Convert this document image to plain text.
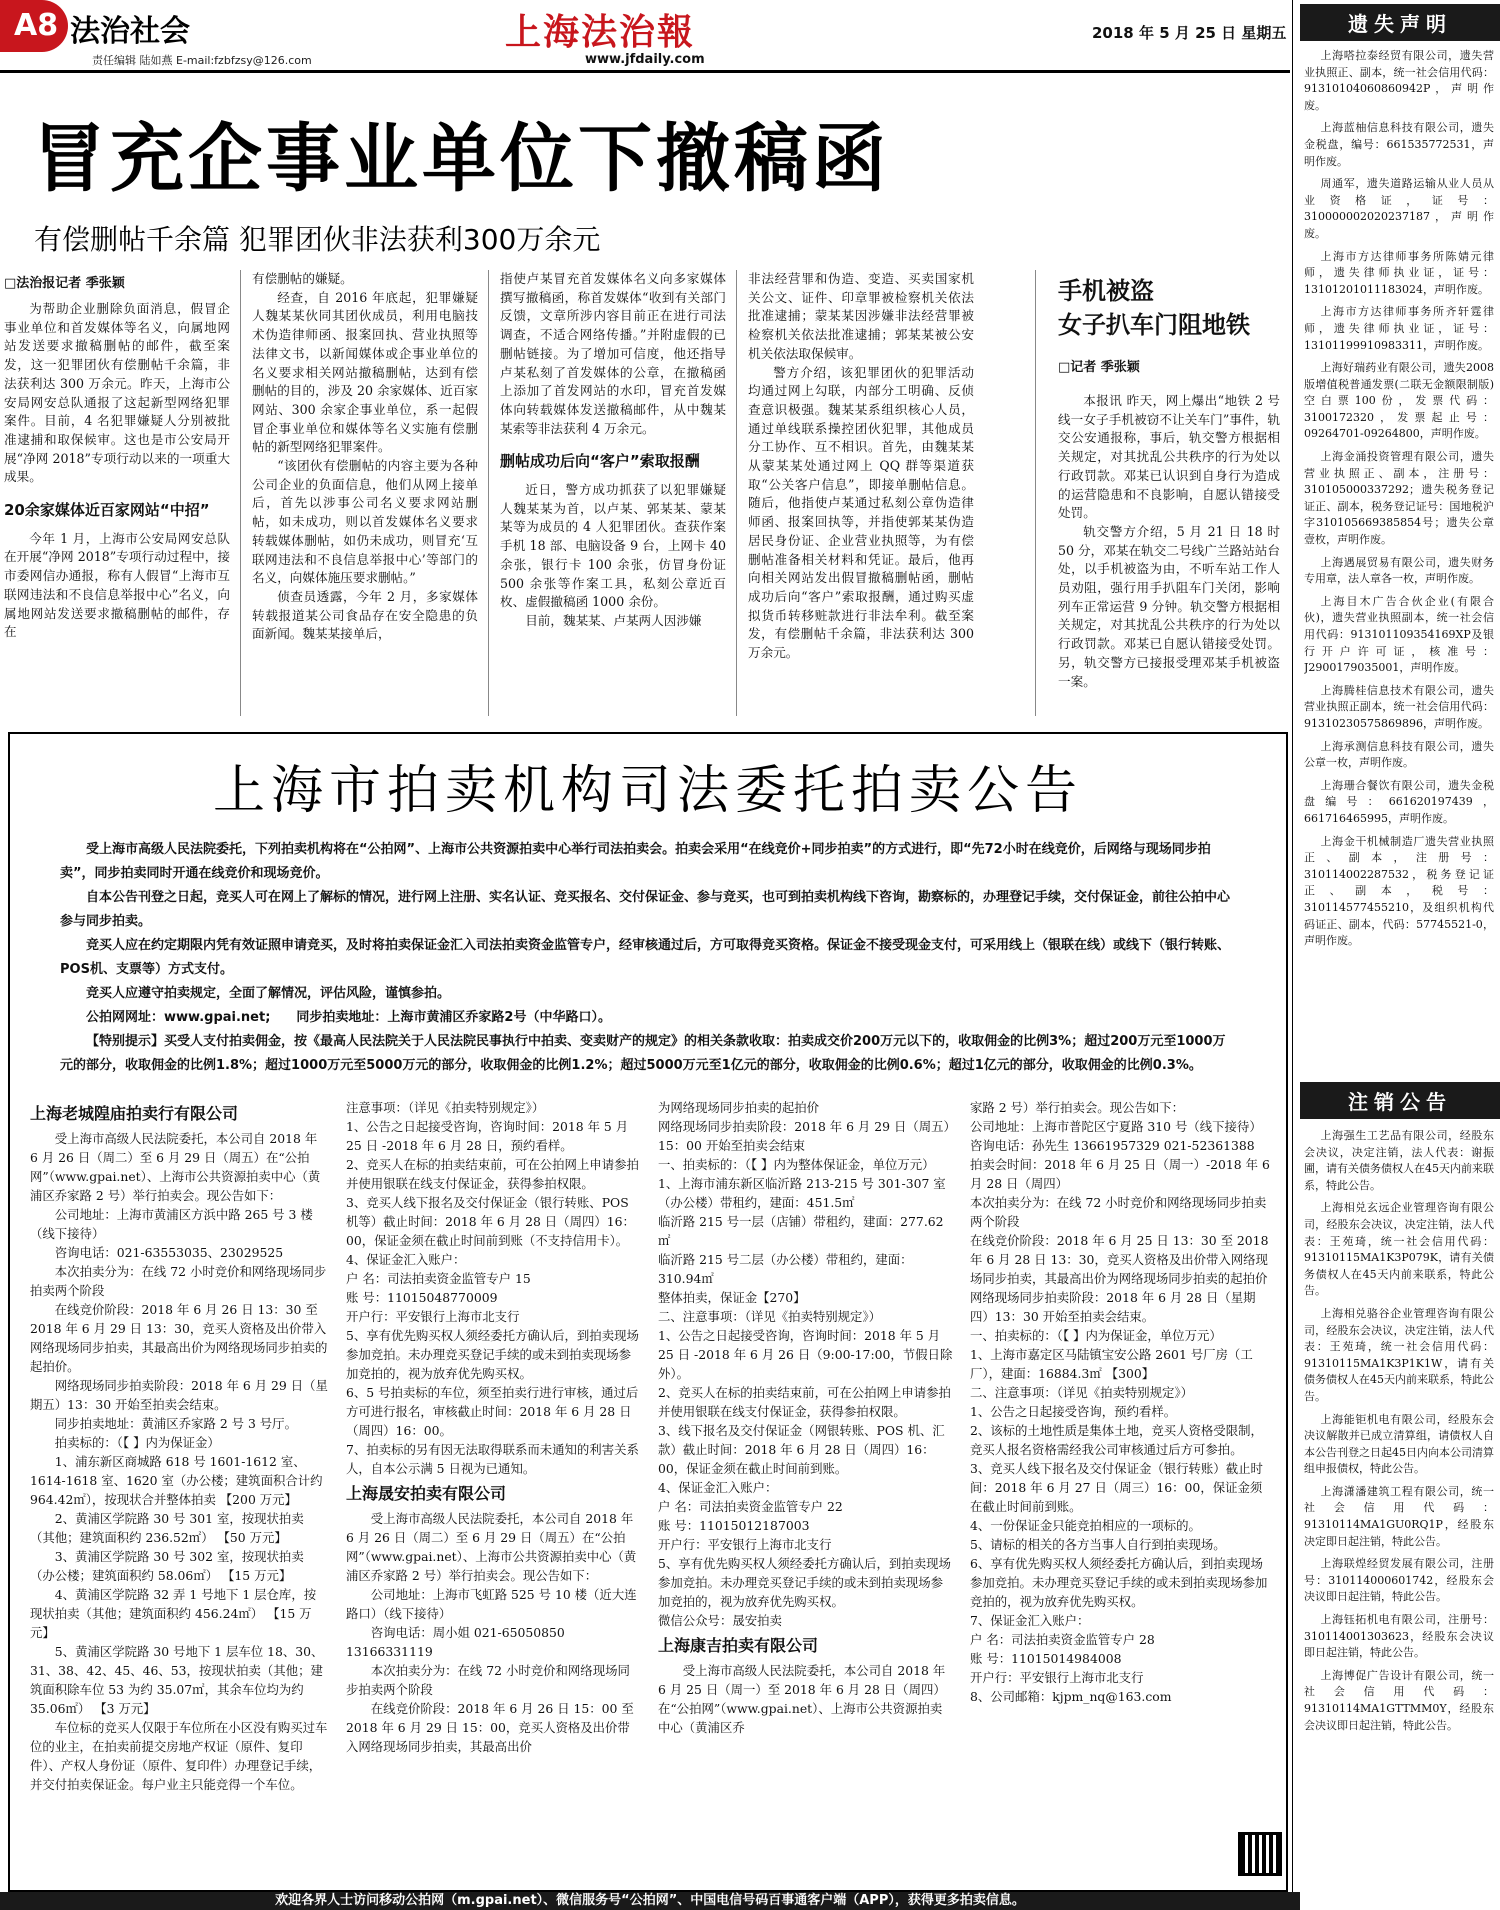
A8 法治社会
责任编辑 陆如燕 E-mail:fzbfzsy@126.com
上海法治報
www.jfdaily.com
2018 年 5 月 25 日 星期五
冒充企事业单位下撤稿函
有偿删帖千余篇 犯罪团伙非法获利300万余元
□法治报记者 季张颖

为帮助企业删除负面消息，假冒企事业单位和首发媒体等名义，向属地网站发送要求撤稿删帖的邮件，截至案发，这一犯罪团伙有偿删帖千余篇，非法获利达 300 万余元。昨天，上海市公安局网安总队通报了这起新型网络犯罪案件。目前，4 名犯罪嫌疑人分别被批准逮捕和取保候审。这也是市公安局开展“净网 2018”专项行动以来的一项重大成果。

20余家媒体近百家网站“中招”

今年 1 月，上海市公安局网安总队在开展“净网 2018”专项行动过程中，接市委网信办通报，称有人假冒“上海市互联网违法和不良信息举报中心”名义，向属地网站发送要求撤稿删帖的邮件，存在

有偿删帖的嫌疑。

经查，自 2016 年底起，犯罪嫌疑人魏某某伙同其团伙成员，利用电脑技术伪造律师函、报案回执、营业执照等法律文书，以新闻媒体或企事业单位的名义要求相关网站撤稿删帖，达到有偿删帖的目的，涉及 20 余家媒体、近百家网站、300 余家企事业单位，系一起假冒企事业单位和媒体等名义实施有偿删帖的新型网络犯罪案件。

“该团伙有偿删帖的内容主要为各种公司企业的负面信息，他们从网上接单后，首先以涉事公司名义要求网站删帖，如未成功，则以首发媒体名义要求转载媒体删帖，如仍未成功，则冒充‘互联网违法和不良信息举报中心’等部门的名义，向媒体施压要求删帖。”

侦查员透露，今年 2 月，多家媒体转载报道某公司食品存在安全隐患的负面新闻。魏某某接单后，

指使卢某冒充首发媒体名义向多家媒体撰写撤稿函，称首发媒体“收到有关部门反馈，文章所涉内容目前正在进行司法调查，不适合网络传播。”并附虚假的已删帖链接。为了增加可信度，他还指导卢某私刻了首发媒体的公章，在撤稿函上添加了首发网站的水印，冒充首发媒体向转载媒体发送撤稿邮件，从中魏某某索等非法获利 4 万余元。

删帖成功后向“客户”索取报酬

近日，警方成功抓获了以犯罪嫌疑人魏某某为首，以卢某、郭某某、蒙某某等为成员的 4 人犯罪团伙。查获作案手机 18 部、电脑设备 9 台，上网卡 40 余张，银行卡 100 余张，仿冒身份证 500 余张等作案工具，私刻公章近百枚、虚假撤稿函 1000 余份。

目前，魏某某、卢某两人因涉嫌

非法经营罪和伪造、变造、买卖国家机关公文、证件、印章罪被检察机关依法批准逮捕；蒙某某因涉嫌非法经营罪被检察机关依法批准逮捕；郭某某被公安机关依法取保候审。

警方介绍，该犯罪团伙的犯罪活动均通过网上勾联，内部分工明确、反侦查意识极强。魏某某系组织核心人员，通过单线联系操控团伙犯罪，其他成员分工协作、互不相识。首先，由魏某某从蒙某某处通过网上 QQ 群等渠道获取“公关客户信息”，即接单删帖信息。随后，他指使卢某通过私刻公章伪造律师函、报案回执等，并指使郭某某伪造居民身份证、企业营业执照等，为有偿删帖准备相关材料和凭证。最后，他再向相关网站发出假冒撤稿删帖函，删帖成功后向“客户”索取报酬，通过购买虚拟货币转移赃款进行非法牟利。截至案发，有偿删帖千余篇，非法获利达 300 万余元。

手机被盗
女子扒车门阻地铁
□记者 季张颖

本报讯 昨天，网上爆出“地铁 2 号线一女子手机被窃不让关车门”事件，轨交公安通报称，事后，轨交警方根据相关规定，对其扰乱公共秩序的行为处以行政罚款。邓某已认识到自身行为造成的运营隐患和不良影响，自愿认错接受处罚。

轨交警方介绍，5 月 21 日 18 时 50 分，邓某在轨交二号线广兰路站站台处，以手机被盗为由，不听车站工作人员劝阻，强行用手扒阻车门关闭，影响列车正常运营 9 分钟。轨交警方根据相关规定，对其扰乱公共秩序的行为处以行政罚款。邓某已自愿认错接受处罚。另，轨交警方已接报受理邓某手机被盗一案。

遗失声明

上海嗒拉泰经贸有限公司，遗失营业执照正、副本，统一社会信用代码：91310104060860942P，声明作废。

上海蓝柚信息科技有限公司，遗失金税盘，编号：661535772531，声明作废。

周通军，遗失道路运输从业人员从业资格证，证号：310000002020237187，声明作废。

上海市方达律师事务所陈婧元律师，遗失律师执业证，证号：13101201011183024，声明作废。

上海市方达律师事务所齐轩霆律师，遗失律师执业证，证号：13101199910983311，声明作废。

上海好瑞药业有限公司，遗失2008版增值税普通发票(二联无金额限制版)空白票100份，发票代码：3100172320，发票起止号：09264701-09264800，声明作废。

上海金涌投资管理有限公司，遗失营业执照正、副本，注册号：310105000337292；遗失税务登记证正、副本，税务登记证号：国地税沪字310105669385854号；遗失公章壹枚，声明作废。

上海遇展贸易有限公司，遗失财务专用章，法人章各一枚，声明作废。

上海目木广告合伙企业(有限合伙)，遗失营业执照副本，统一社会信用代码：913101109354169XP及银行开户许可证，核准号：J2900179035001，声明作废。

上海腾桂信息技术有限公司，遗失营业执照正副本，统一社会信用代码：91310230575869896，声明作废。

上海承测信息科技有限公司，遗失公章一枚，声明作废。

上海珊合餐饮有限公司，遗失金税盘编号：661620197439，661716465995，声明作废。

上海金干机械制造厂遗失营业执照正、副本，注册号：310114002287532，税务登记证正、副本，税号：310114577455210，及组织机构代码证正、副本，代码：57745521-0，声明作废。

注销公告

上海强生工艺品有限公司，经股东会决议，决定注销，法人代表：谢振圃，请有关债务债权人在45天内前来联系，特此公告。

上海相兑玄远企业管理咨询有限公司，经股东会决议，决定注销，法人代表：王苑琦，统一社会信用代码：91310115MA1K3P079K，请有关债务债权人在45天内前来联系，特此公告。

上海相兑骆谷企业管理咨询有限公司，经股东会决议，决定注销，法人代表：王苑琦，统一社会信用代码：91310115MA1K3P1K1W，请有关债务债权人在45天内前来联系，特此公告。

上海能钜机电有限公司，经股东会决议解散并已成立清算组，请债权人自本公告刊登之日起45日内向本公司清算组申报债权，特此公告。

上海潇潘建筑工程有限公司，统一社会信用代码：91310114MA1GU0RQ1P，经股东决定即日起注销，特此公告。

上海联煌经贸发展有限公司，注册号：310114000601742，经股东会决议即日起注销，特此公告。

上海钰拓机电有限公司，注册号：310114001303623，经股东会决议即日起注销，特此公告。

上海博促广告设计有限公司，统一社会信用代码：91310114MA1GTTMM0Y，经股东会决议即日起注销，特此公告。

上海市拍卖机构司法委托拍卖公告

受上海市高级人民法院委托，下列拍卖机构将在“公拍网”、上海市公共资源拍卖中心举行司法拍卖会。拍卖会采用“在线竞价+同步拍卖”的方式进行，即“先72小时在线竞价，后网络与现场同步拍卖”，同步拍卖同时开通在线竞价和现场竞价。

自本公告刊登之日起，竞买人可在网上了解标的情况，进行网上注册、实名认证、竞买报名、交付保证金、参与竞买，也可到拍卖机构线下咨询，勘察标的，办理登记手续，交付保证金，前往公拍中心参与同步拍卖。

竞买人应在约定期限内凭有效证照申请竞买，及时将拍卖保证金汇入司法拍卖资金监管专户，经审核通过后，方可取得竞买资格。保证金不接受现金支付，可采用线上（银联在线）或线下（银行转账、POS机、支票等）方式支付。

竞买人应遵守拍卖规定，全面了解情况，评估风险，谨慎参拍。

公拍网网址：www.gpai.net;　　同步拍卖地址：上海市黄浦区乔家路2号（中华路口）。

【特别提示】买受人支付拍卖佣金，按《最高人民法院关于人民法院民事执行中拍卖、变卖财产的规定》的相关条款收取：拍卖成交价200万元以下的，收取佣金的比例3%；超过200万元至1000万元的部分，收取佣金的比例1.8%；超过1000万元至5000万元的部分，收取佣金的比例1.2%；超过5000万元至1亿元的部分，收取佣金的比例0.6%；超过1亿元的部分，收取佣金的比例0.3%。

上海老城隍庙拍卖行有限公司

受上海市高级人民法院委托，本公司自 2018 年 6 月 26 日（周二）至 6 月 29 日（周五）在“公拍网”（www.gpai.net）、上海市公共资源拍卖中心（黄浦区乔家路 2 号）举行拍卖会。现公告如下：

公司地址：上海市黄浦区方浜中路 265 号 3 楼（线下接待）

咨询电话：021-63553035、23029525

本次拍卖分为：在线 72 小时竞价和网络现场同步拍卖两个阶段

在线竞价阶段：2018 年 6 月 26 日 13：30 至 2018 年 6 月 29 日 13：30，竞买人资格及出价带入网络现场同步拍卖，其最高出价为网络现场同步拍卖的起拍价。

网络现场同步拍卖阶段：2018 年 6 月 29 日（星期五）13：30 开始至拍卖会结束。

同步拍卖地址：黄浦区乔家路 2 号 3 号厅。

拍卖标的：（【 】内为保证金）

1、浦东新区商城路 618 号 1601-1612 室、1614-1618 室、1620 室（办公楼；建筑面积合计约 964.42㎡），按现状合并整体拍卖 【200 万元】

2、黄浦区学院路 30 号 301 室，按现状拍卖（其他；建筑面积约 236.52㎡） 【50 万元】

3、黄浦区学院路 30 号 302 室，按现状拍卖（办公楼；建筑面积约 58.06㎡） 【15 万元】

4、黄浦区学院路 32 弄 1 号地下 1 层仓库，按现状拍卖（其他；建筑面积约 456.24㎡） 【15 万元】

5、黄浦区学院路 30 号地下 1 层车位 18、30、31、38、42、45、46、53，按现状拍卖（其他；建筑面积除车位 53 为约 35.07㎡，其余车位均为约 35.06㎡） 【3 万元】

车位标的竞买人仅限于车位所在小区没有购买过车位的业主，在拍卖前提交房地产权证（原件、复印件）、产权人身份证（原件、复印件）办理登记手续，并交付拍卖保证金。每户业主只能竞得一个车位。

注意事项：（详见《拍卖特别规定》）

1、公告之日起接受咨询，咨询时间：2018 年 5 月 25 日 -2018 年 6 月 28 日，预约看样。

2、竞买人在标的拍卖结束前，可在公拍网上申请参拍并使用银联在线支付保证金，获得参拍权限。

3、竞买人线下报名及交付保证金（银行转账、POS 机等）截止时间：2018 年 6 月 28 日（周四）16：00，保证金须在截止时间前到账（不支持信用卡）。

4、保证金汇入账户：

户 名：司法拍卖资金监管专户 15

账 号：11015048770009

开户行：平安银行上海市北支行

5、享有优先购买权人须经委托方确认后，到拍卖现场参加竞拍。未办理竞买登记手续的或未到拍卖现场参加竞拍的，视为放弃优先购买权。

6、5 号拍卖标的车位，须至拍卖行进行审核，通过后方可进行报名，审核截止时间：2018 年 6 月 28 日（周四）16：00。

7、拍卖标的另有因无法取得联系而未通知的利害关系人，自本公示满 5 日视为已通知。

上海晟安拍卖有限公司

受上海市高级人民法院委托，本公司自 2018 年 6 月 26 日（周二）至 6 月 29 日（周五）在“公拍网”（www.gpai.net）、上海市公共资源拍卖中心（黄浦区乔家路 2 号）举行拍卖会。现公告如下：

公司地址：上海市飞虹路 525 号 10 楼（近大连路口）（线下接待）

咨询电话：周小姐 021-65050850 13166331119

本次拍卖分为：在线 72 小时竞价和网络现场同步拍卖两个阶段

在线竞价阶段：2018 年 6 月 26 日 15：00 至 2018 年 6 月 29 日 15：00，竞买人资格及出价带入网络现场同步拍卖，其最高出价

为网络现场同步拍卖的起拍价

网络现场同步拍卖阶段：2018 年 6 月 29 日（周五）15：00 开始至拍卖会结束

一、拍卖标的：（【 】内为整体保证金，单位万元）

1、上海市浦东新区临沂路 213-215 号 301-307 室（办公楼）带租约，建面：451.5㎡

临沂路 215 号一层（店铺）带租约，建面：277.62㎡

临沂路 215 号二层（办公楼）带租约，建面：310.94㎡

整体拍卖，保证金【270】

二、注意事项：（详见《拍卖特别规定》）

1、公告之日起接受咨询，咨询时间：2018 年 5 月 25 日 -2018 年 6 月 26 日（9:00-17:00，节假日除外）。

2、竞买人在标的拍卖结束前，可在公拍网上申请参拍并使用银联在线支付保证金，获得参拍权限。

3、线下报名及交付保证金（网银转账、POS 机、汇款）截止时间：2018 年 6 月 28 日（周四）16：00，保证金须在截止时间前到账。

4、保证金汇入账户：

户 名：司法拍卖资金监管专户 22

账 号：11015012187003

开户行：平安银行上海市北支行

5、享有优先购买权人须经委托方确认后，到拍卖现场参加竞拍。未办理竞买登记手续的或未到拍卖现场参加竞拍的，视为放弃优先购买权。

微信公众号：晟安拍卖

上海康吉拍卖有限公司

受上海市高级人民法院委托，本公司自 2018 年 6 月 25 日（周一）至 2018 年 6 月 28 日（周四）在“公拍网”（www.gpai.net）、上海市公共资源拍卖中心（黄浦区乔

家路 2 号）举行拍卖会。现公告如下：

公司地址：上海市普陀区宁夏路 310 号（线下接待）

咨询电话：孙先生 13661957329 021-52361388

拍卖会时间：2018 年 6 月 25 日（周一）-2018 年 6 月 28 日（周四）

本次拍卖分为：在线 72 小时竞价和网络现场同步拍卖两个阶段

在线竞价阶段：2018 年 6 月 25 日 13：30 至 2018 年 6 月 28 日 13：30，竞买人资格及出价带入网络现场同步拍卖，其最高出价为网络现场同步拍卖的起拍价

网络现场同步拍卖阶段：2018 年 6 月 28 日（星期四）13：30 开始至拍卖会结束。

一、拍卖标的：（【 】内为保证金，单位万元）

1、上海市嘉定区马陆镇宝安公路 2601 号厂房（工厂），建面：16884.3㎡ 【300】

二、注意事项：（详见《拍卖特别规定》）

1、公告之日起接受咨询，预约看样。

2、该标的土地性质是集体土地，竞买人资格受限制，竞买人报名资格需经我公司审核通过后方可参拍。

3、竞买人线下报名及交付保证金（银行转账）截止时间：2018 年 6 月 27 日（周三）16：00，保证金须在截止时间前到账。

4、一份保证金只能竞拍相应的一项标的。

5、请标的相关的各方当事人自行到拍卖现场。

6、享有优先购买权人须经委托方确认后，到拍卖现场参加竞拍。未办理竞买登记手续的或未到拍卖现场参加竞拍的，视为放弃优先购买权。

7、保证金汇入账户：

户 名：司法拍卖资金监管专户 28

账 号：11015014984008

开户行：平安银行上海市北支行

8、公司邮箱：kjpm_nq@163.com

欢迎各界人士访问移动公拍网（m.gpai.net）、微信服务号“公拍网”、中国电信号码百事通客户端（APP），获得更多拍卖信息。
